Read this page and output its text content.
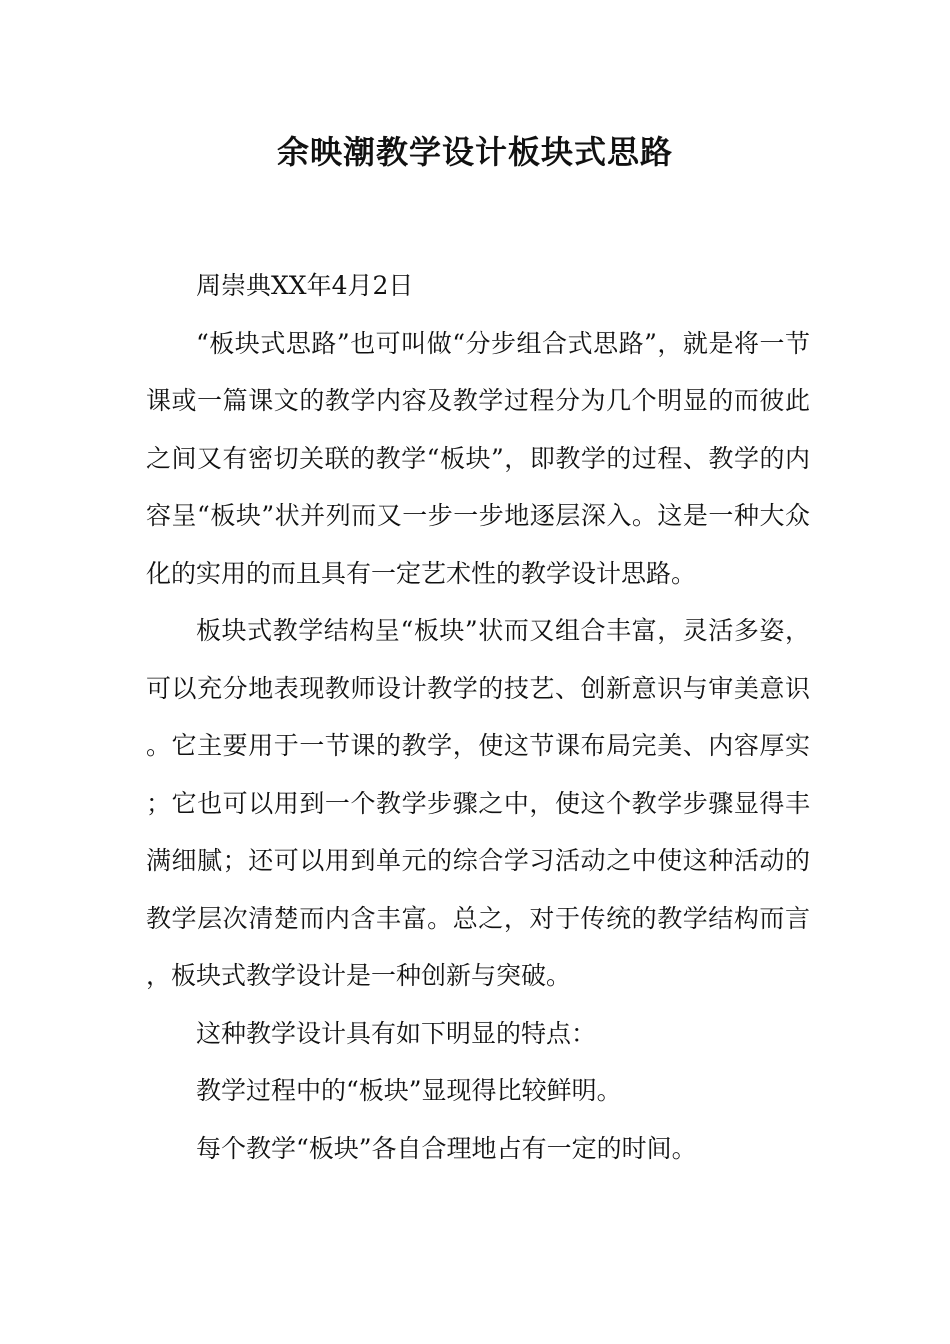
余映潮教学设计板块式思路

周崇典XX年4月2日

“板块式思路”也可叫做“分步组合式思路”，就是将一节课或一篇课文的教学内容及教学过程分为几个明显的而彼此之间又有密切关联的教学“板块”，即教学的过程、教学的内容呈“板块”状并列而又一步一步地逐层深入。这是一种大众化的实用的而且具有一定艺术性的教学设计思路。

板块式教学结构呈“板块”状而又组合丰富，灵活多姿，可以充分地表现教师设计教学的技艺、创新意识与审美意识。它主要用于一节课的教学，使这节课布局完美、内容厚实；它也可以用到一个教学步骤之中，使这个教学步骤显得丰满细腻；还可以用到单元的综合学习活动之中使这种活动的教学层次清楚而内含丰富。总之，对于传统的教学结构而言，板块式教学设计是一种创新与突破。

这种教学设计具有如下明显的特点：

教学过程中的“板块”显现得比较鲜明。

每个教学“板块”各自合理地占有一定的时间。
